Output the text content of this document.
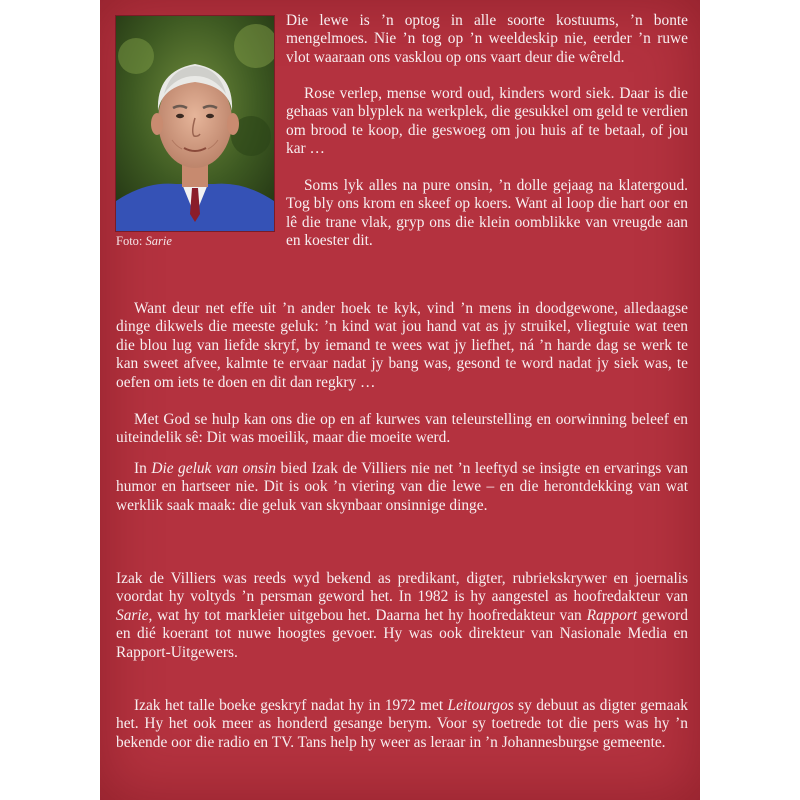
Foto: Sarie

Die lewe is ’n optog in alle soorte kostuums, ’n bonte mengelmoes. Nie ’n tog op ’n weeldeskip nie, eerder ’n ruwe vlot waaraan ons vasklou op ons vaart deur die wêreld.

Rose verlep, mense word oud, kinders word siek. Daar is die gehaas van blyplek na werkplek, die gesukkel om geld te verdien om brood te koop, die geswoeg om jou huis af te betaal, of jou kar …

Soms lyk alles na pure onsin, ’n dolle gejaag na klatergoud. Tog bly ons krom en skeef op koers. Want al loop die hart oor en lê die trane vlak, gryp ons die klein oomblikke van vreugde aan en koester dit.

Want deur net effe uit ’n ander hoek te kyk, vind ’n mens in doodgewone, alledaagse dinge dikwels die meeste geluk: ’n kind wat jou hand vat as jy struikel, vliegtuie wat teen die blou lug van liefde skryf, by iemand te wees wat jy liefhet, ná ’n harde dag se werk te kan sweet afvee, kalmte te ervaar nadat jy bang was, gesond te word nadat jy siek was, te oefen om iets te doen en dit dan regkry …

Met God se hulp kan ons die op en af kurwes van teleurstelling en oorwinning beleef en uiteindelik sê: Dit was moeilik, maar die moeite werd.

In Die geluk van onsin bied Izak de Villiers nie net ’n leeftyd se insigte en ervarings van humor en hartseer nie. Dit is ook ’n viering van die lewe – en die herontdekking van wat werklik saak maak: die geluk van skynbaar onsinnige dinge.

Izak de Villiers was reeds wyd bekend as predikant, digter, rubriekskrywer en joernalis voordat hy voltyds ’n persman geword het. In 1982 is hy aangestel as hoofredakteur van Sarie, wat hy tot markleier uitgebou het. Daarna het hy hoofredakteur van Rapport geword en dié koerant tot nuwe hoogtes gevoer. Hy was ook direkteur van Nasionale Media en Rapport-Uitgewers.

Izak het talle boeke geskryf nadat hy in 1972 met Leitourgos sy debuut as digter gemaak het. Hy het ook meer as honderd gesange berym. Voor sy toetrede tot die pers was hy ’n bekende oor die radio en TV. Tans help hy weer as leraar in ’n Johannesburgse gemeente.
